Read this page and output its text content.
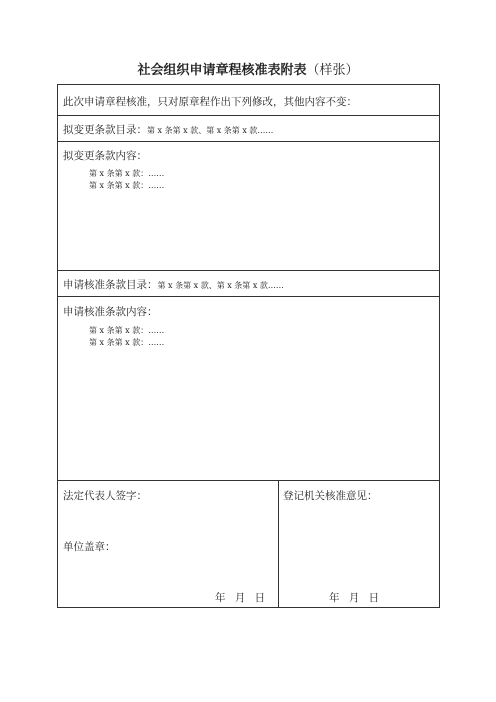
社会组织申请章程核准表附表（样张）
此次申请章程核准，只对原章程作出下列修改，其他内容不变：
拟变更条款目录：第 x 条第 x 款、第 x 条第 x 款……
拟变更条款内容：
第 x 条第 x 款：……
第 x 条第 x 款：……
申请核准条款目录：第 x 条第 x 款、第 x 条第 x 款……
申请核准条款内容：
第 x 条第 x 款：……
第 x 条第 x 款：……
法定代表人签字：
单位盖章：
年 月 日
登记机关核准意见：
年 月 日
